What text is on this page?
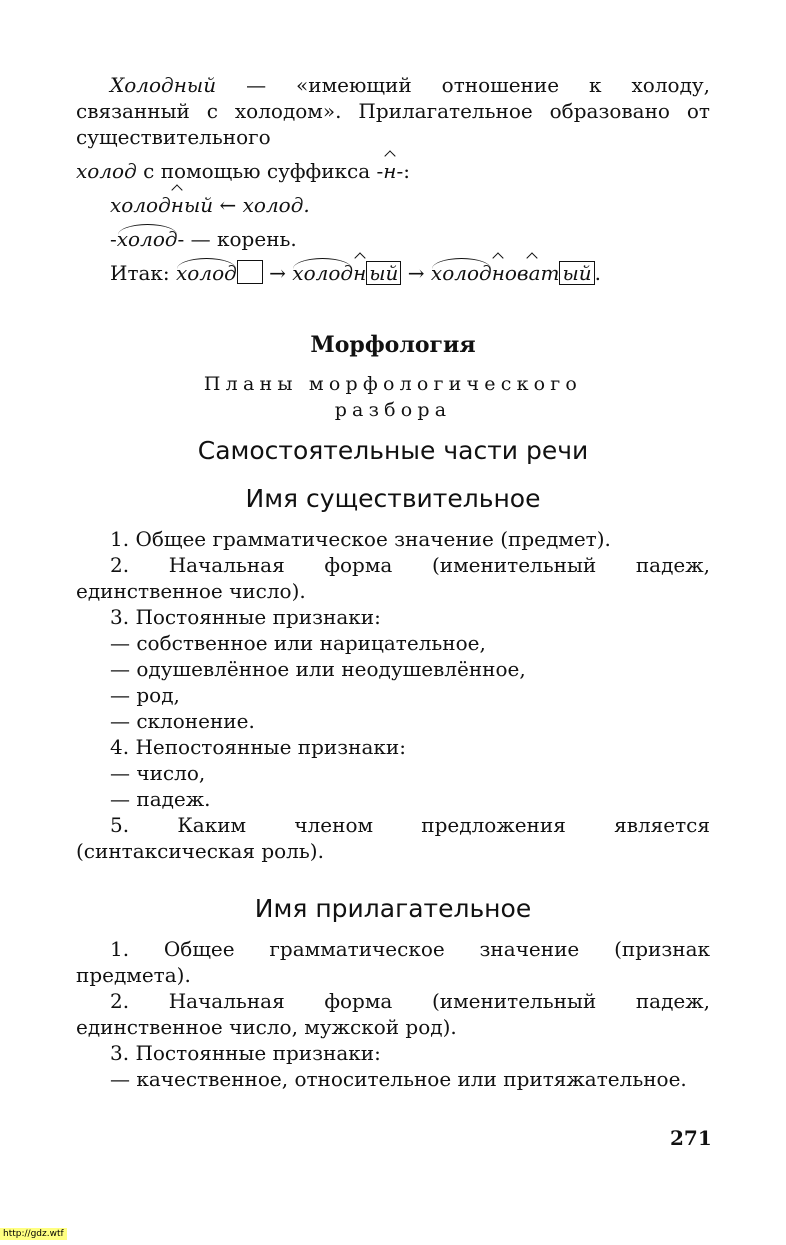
Холодный — «имеющий отношение к холоду, связанный с холодом». Прилагательное образовано от существительного

холод с помощью суффикса -н-:

холодный ← холод.
-холод- — корень.
Итак: холод → холодн ый → холодноват ый .

Морфология

Планы морфологического

разбора

Самостоятельные части речи

Имя существительное

1. Общее грамматическое значение (предмет).

2. Начальная форма (именительный падеж, единственное число).

3. Постоянные признаки:

— собственное или нарицательное,

— одушевлённое или неодушевлённое,

— род,

— склонение.

4. Непостоянные признаки:

— число,

— падеж.

5. Каким членом предложения является (синтаксическая роль).

Имя прилагательное

1. Общее грамматическое значение (признак предмета).

2. Начальная форма (именительный падеж, единственное число, мужской род).

3. Постоянные признаки:

— качественное, относительное или притяжательное.

271
http://gdz.wtf
